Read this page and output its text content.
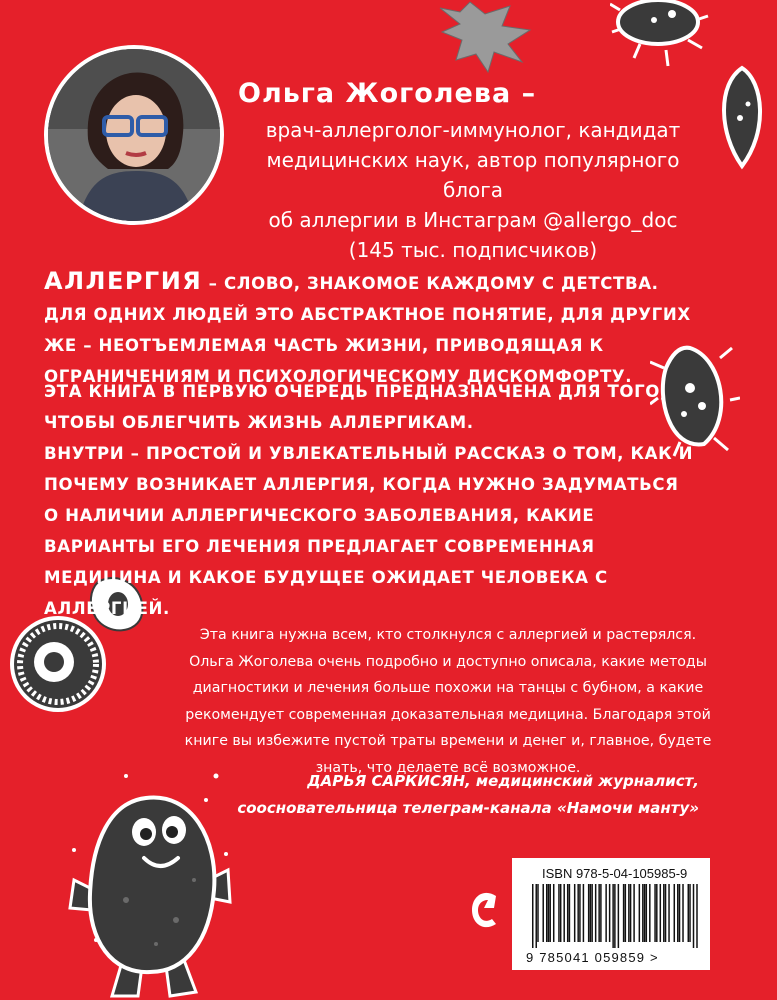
Ольга Жоголева –
врач-аллерголог-иммунолог, кандидат
медицинских наук, автор популярного блога
об аллергии в Инстаграм @allergo_doc
(145 тыс. подписчиков)

АЛЛЕРГИЯ – СЛОВО, ЗНАКОМОЕ КАЖДОМУ С ДЕТСТВА. ДЛЯ ОДНИХ ЛЮДЕЙ ЭТО АБСТРАКТНОЕ ПОНЯТИЕ, ДЛЯ ДРУГИХ ЖЕ – НЕОТЪЕМЛЕМАЯ ЧАСТЬ ЖИЗНИ, ПРИВОДЯЩАЯ К ОГРАНИЧЕНИЯМ И ПСИХОЛОГИЧЕСКОМУ ДИСКОМФОРТУ.

ЭТА КНИГА В ПЕРВУЮ ОЧЕРЕДЬ ПРЕДНАЗНАЧЕНА ДЛЯ ТОГО, ЧТОБЫ ОБЛЕГЧИТЬ ЖИЗНЬ АЛЛЕРГИКАМ.

ВНУТРИ – ПРОСТОЙ И УВЛЕКАТЕЛЬНЫЙ РАССКАЗ О ТОМ, КАК И ПОЧЕМУ ВОЗНИКАЕТ АЛЛЕРГИЯ, КОГДА НУЖНО ЗАДУМАТЬСЯ О НАЛИЧИИ АЛЛЕРГИЧЕСКОГО ЗАБОЛЕВАНИЯ, КАКИЕ ВАРИАНТЫ ЕГО ЛЕЧЕНИЯ ПРЕДЛАГАЕТ СОВРЕМЕННАЯ МЕДИЦИНА И КАКОЕ БУДУЩЕЕ ОЖИДАЕТ ЧЕЛОВЕКА С АЛЛЕРГИЕЙ.

Эта книга нужна всем, кто столкнулся с аллергией и растерялся. Ольга Жоголева очень подробно и доступно описала, какие методы диагностики и лечения больше похожи на танцы с бубном, а какие рекомендует современная доказательная медицина. Благодаря этой книге вы избежите пустой траты времени и денег и, главное, будете знать, что делаете всё возможное.
ДАРЬЯ САРКИСЯН, медицинский журналист,
соосновательница телеграм-канала «Намочи манту»
ISBN 978-5-04-105985-9
9 785041 059859 >
